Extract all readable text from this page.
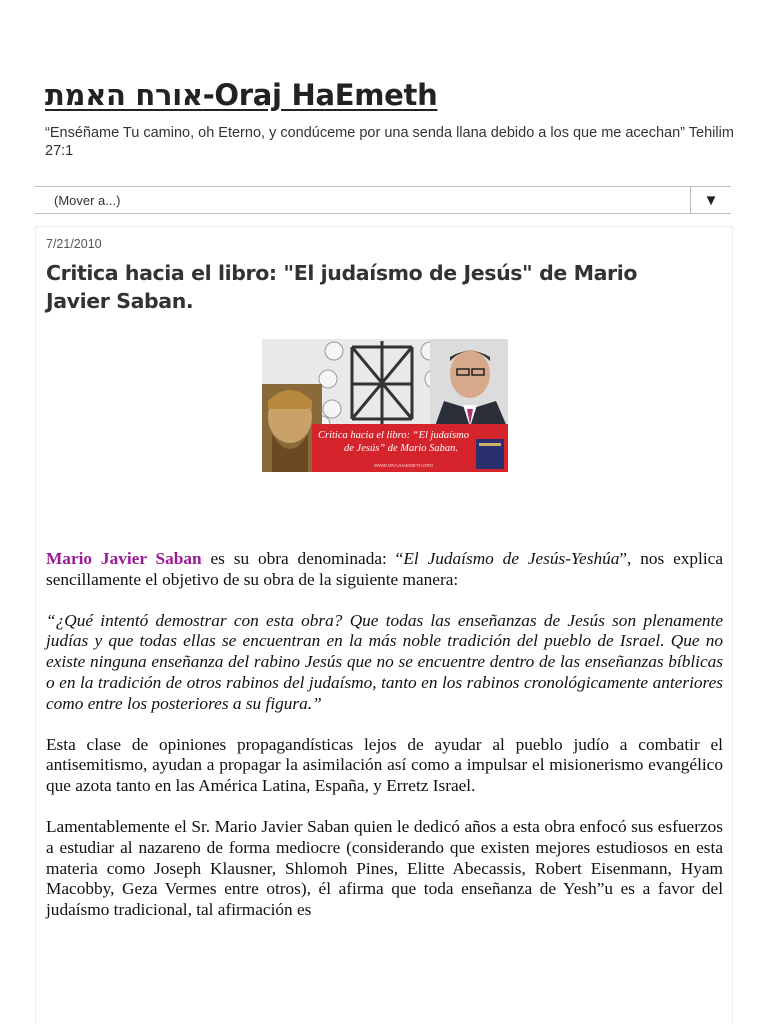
אורח האמת-Oraj HaEmeth
“Enséñame Tu camino, oh Eterno, y condúceme por una senda llana debido a los que me acechan” Tehilim 27:1
(Mover a...)	▼
7/21/2010
Critica hacia el libro: "El judaísmo de Jesús" de Mario Javier Saban.
Critica hacia el libro: “El judaísmo
de Jesús” de Mario Saban.
WWW.ORAJHAEMETH.ORG

Mario Javier Saban es su obra denominada: “El Judaísmo de Jesús-Yeshúa”, nos explica sencillamente el objetivo de su obra de la siguiente manera:

“¿Qué intentó demostrar con esta obra? Que todas las enseñanzas de Jesús son plenamente judías y que todas ellas se encuentran en la más noble tradición del pueblo de Israel. Que no existe ninguna enseñanza del rabino Jesús que no se encuentre dentro de las enseñanzas bíblicas o en la tradición de otros rabinos del judaísmo, tanto en los rabinos cronológicamente anteriores como entre los posteriores a su figura.”

Esta clase de opiniones propagandísticas lejos de ayudar al pueblo judío a combatir el antisemitismo, ayudan a propagar la asimilación así como a impulsar el misionerismo evangélico que azota tanto en las América Latina, España, y Erretz Israel.

Lamentablemente el Sr. Mario Javier Saban quien le dedicó años a esta obra enfocó sus esfuerzos a estudiar al nazareno de forma mediocre (considerando que existen mejores estudiosos en esta materia como Joseph Klausner, Shlomoh Pines, Elitte Abecassis, Robert Eisenmann, Hyam Macobby, Geza Vermes entre otros), él afirma que toda enseñanza de Yesh”u es a favor del judaísmo tradicional, tal afirmación es
